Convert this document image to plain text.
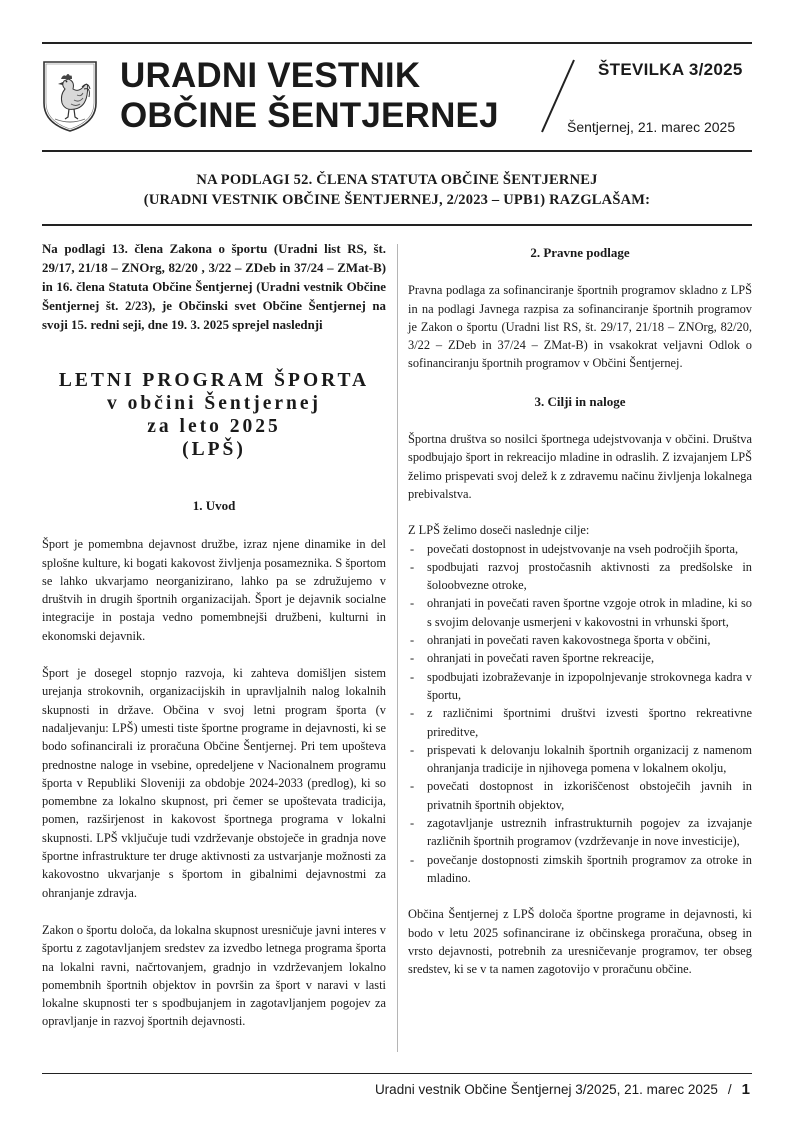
URADNI VESTNIK
OBČINE ŠENTJERNEJ
ŠTEVILKA 3/2025
Šentjernej, 21. marec 2025
NA PODLAGI 52. ČLENA STATUTA OBČINE ŠENTJERNEJ
(URADNI VESTNIK OBČINE ŠENTJERNEJ, 2/2023 – UPB1) RAZGLAŠAM:

Na podlagi 13. člena Zakona o športu (Uradni list RS, št. 29/17, 21/18 – ZNOrg, 82/20 , 3/22 – ZDeb in 37/24 – ZMat-B) in 16. člena Statuta Občine Šentjernej (Uradni vestnik Občine Šentjernej št. 2/23), je Občinski svet Občine Šentjernej na svoji 15. redni seji, dne 19. 3. 2025 sprejel naslednji

LETNI PROGRAM ŠPORTA
v občini Šentjernej
za leto 2025
(LPŠ)
1. Uvod

Šport je pomembna dejavnost družbe, izraz njene dinamike in del splošne kulture, ki bogati kakovost življenja posameznika. S športom se lahko ukvarjamo neorganizirano, lahko pa se združujemo v društvih in drugih športnih organizacijah. Šport je dejavnik socialne integracije in postaja vedno pomembnejši družbeni, kulturni in ekonomski dejavnik.

Šport je dosegel stopnjo razvoja, ki zahteva domišljen sistem urejanja strokovnih, organizacijskih in upravljalnih nalog lokalnih skupnosti in države. Občina v svoj letni program športa (v nadaljevanju: LPŠ) umesti tiste športne programe in dejavnosti, ki se bodo sofinancirali iz proračuna Občine Šentjernej. Pri tem upošteva prednostne naloge in vsebine, opredeljene v Nacionalnem programu športa v Republiki Sloveniji za obdobje 2024-2033 (predlog), ki so pomembne za lokalno skupnost, pri čemer se upoštevata tradicija, pomen, razširjenost in kakovost športnega programa v lokalni skupnosti. LPŠ vključuje tudi vzdrževanje obstoječe in gradnja nove športne infrastrukture ter druge aktivnosti za ustvarjanje možnosti za kakovostno ukvarjanje s športom in gibalnimi dejavnostmi za ohranjanje zdravja.

Zakon o športu določa, da lokalna skupnost uresničuje javni interes v športu z zagotavljanjem sredstev za izvedbo letnega programa športa na lokalni ravni, načrtovanjem, gradnjo in vzdrževanjem lokalno pomembnih športnih objektov in površin za šport v naravi v lasti lokalne skupnosti ter s spodbujanjem in zagotavljanjem pogojev za opravljanje in razvoj športnih dejavnosti.

2. Pravne podlage

Pravna podlaga za sofinanciranje športnih programov skladno z LPŠ in na podlagi Javnega razpisa za sofinanciranje športnih programov je Zakon o športu (Uradni list RS, št. 29/17, 21/18 – ZNOrg, 82/20, 3/22 – ZDeb in 37/24 – ZMat-B) in vsakokrat veljavni Odlok o sofinanciranju športnih programov v Občini Šentjernej.

3. Cilji in naloge

Športna društva so nosilci športnega udejstvovanja v občini. Društva spodbujajo šport in rekreacijo mladine in odraslih. Z izvajanjem LPŠ želimo prispevati svoj delež k z zdravemu načinu življenja lokalnega prebivalstva.

Z LPŠ želimo doseči naslednje cilje:

- povečati dostopnost in udejstvovanje na vseh področjih športa,
- spodbujati razvoj prostočasnih aktivnosti za predšolske in šoloobvezne otroke,
- ohranjati in povečati raven športne vzgoje otrok in mladine, ki so s svojim delovanje usmerjeni v kakovostni in vrhunski šport,
- ohranjati in povečati raven kakovostnega športa v občini,
- ohranjati in povečati raven športne rekreacije,
- spodbujati izobraževanje in izpopolnjevanje strokovnega kadra v športu,
- z različnimi športnimi društvi izvesti športno rekreativne prireditve,
- prispevati k delovanju lokalnih športnih organizacij z namenom ohranjanja tradicije in njihovega pomena v lokalnem okolju,
- povečati dostopnost in izkoriščenost obstoječih javnih in privatnih športnih objektov,
- zagotavljanje ustreznih infrastrukturnih pogojev za izvajanje različnih športnih programov (vzdrževanje in nove investicije),
- povečanje dostopnosti zimskih športnih programov za otroke in mladino.

Občina Šentjernej z LPŠ določa športne programe in dejavnosti, ki bodo v letu 2025 sofinancirane iz občinskega proračuna, obseg in vrsto dejavnosti, potrebnih za uresničevanje programov, ter obseg sredstev, ki se v ta namen zagotovijo v proračunu občine.

Uradni vestnik Občine Šentjernej 3/2025, 21. marec 2025 / 1
